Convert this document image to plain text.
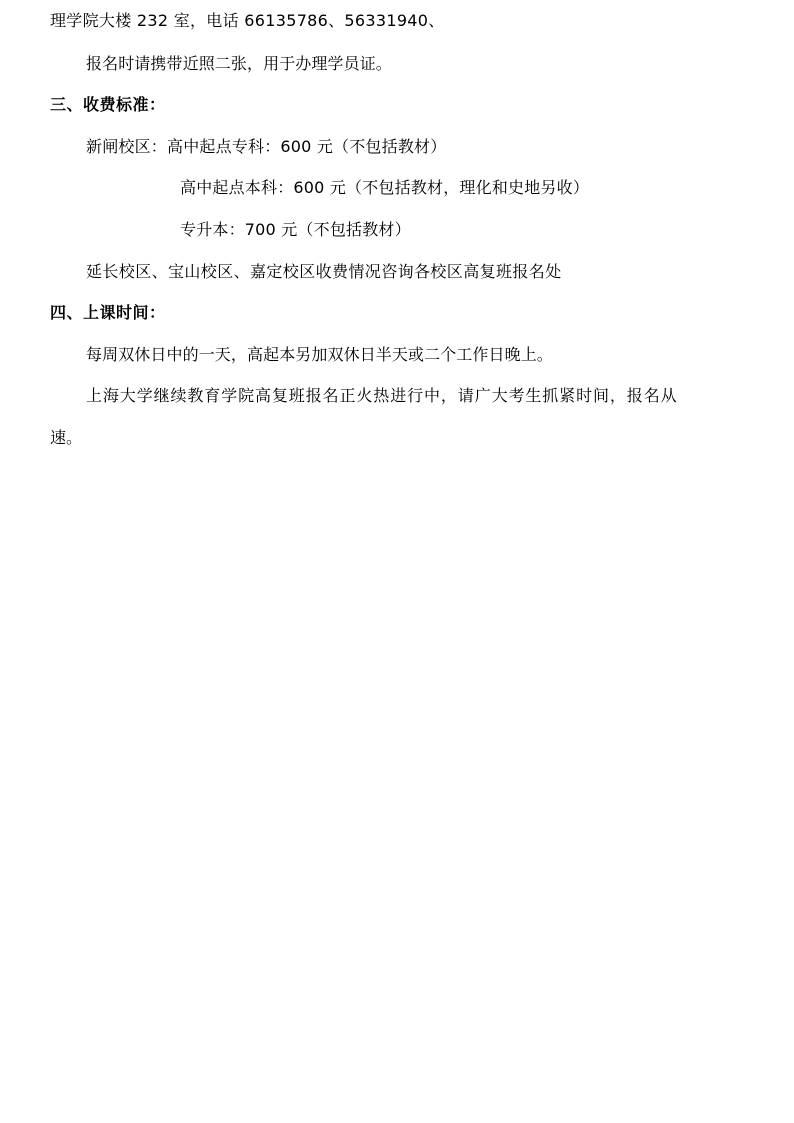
理学院大楼 232 室，电话 66135786、56331940、
报名时请携带近照二张，用于办理学员证。
三、收费标准：
新闸校区：高中起点专科：600 元（不包括教材）
高中起点本科：600 元（不包括教材，理化和史地另收）
专升本：700 元（不包括教材）
延长校区、宝山校区、嘉定校区收费情况咨询各校区高复班报名处
四、上课时间：
每周双休日中的一天，高起本另加双休日半天或二个工作日晚上。
上海大学继续教育学院高复班报名正火热进行中，请广大考生抓紧时间，报名从
速。
